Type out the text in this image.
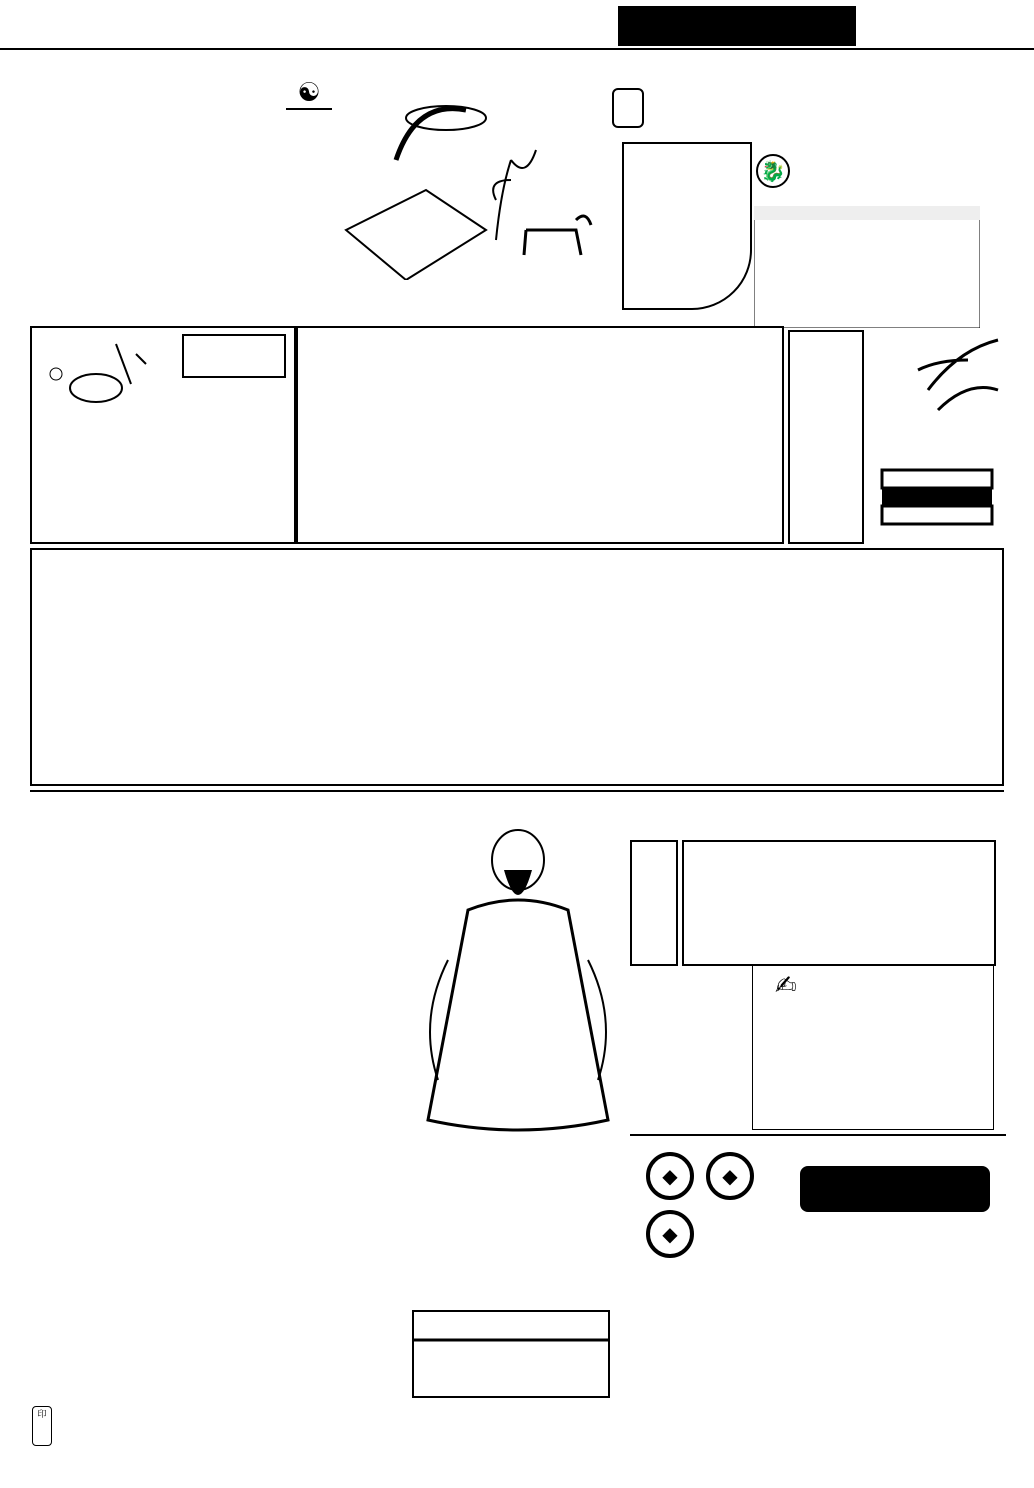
☯
🐉

✍
◆	◆
◆
印
